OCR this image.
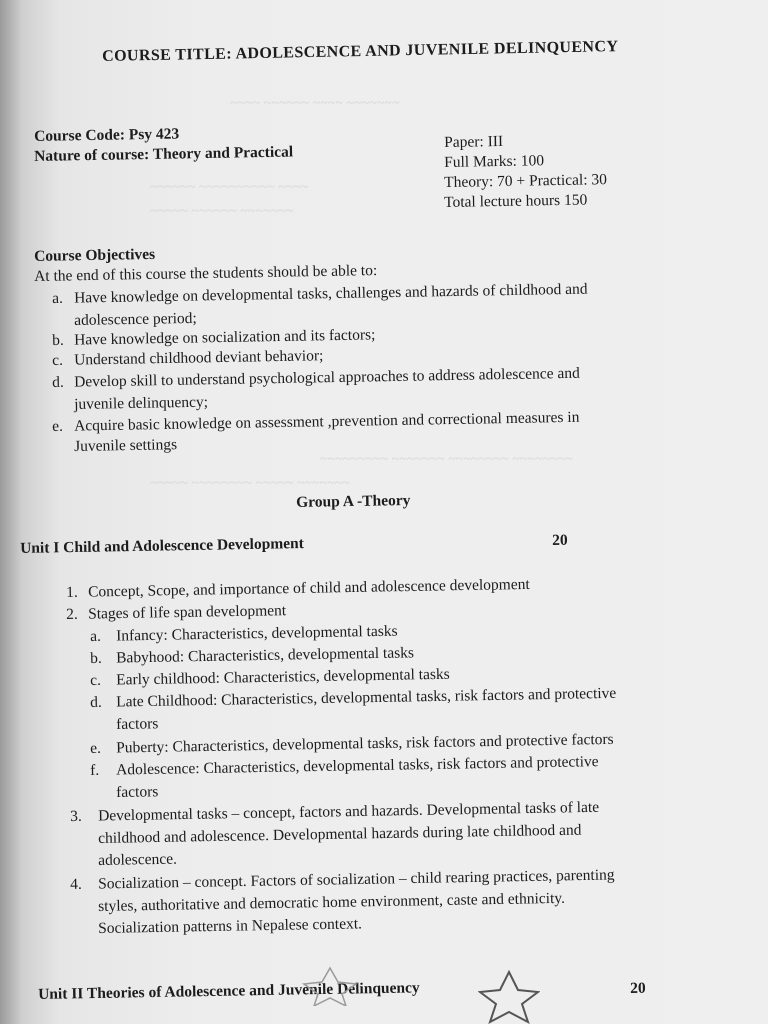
~~~~ ~~~~~~ ~~~~ ~~~~~~~
~~~~~~ ~~~~~~~~~~ ~~~~
~~~~~ ~~~~~~ ~~~~~~~
~~~~~~~~~ ~~~~~~~ ~~~~~~~~ ~~~~~~~~
~~~~~ ~~~~~~~~ ~~~~~ ~~~~~~~
COURSE TITLE: ADOLESCENCE AND JUVENILE DELINQUENCY
Course Code: Psy 423
Nature of course: Theory and Practical
Paper: III
Full Marks: 100
Theory: 70 + Practical: 30
Total lecture hours 150
Course Objectives
At the end of this course the students should be able to:
a. Have knowledge on developmental tasks, challenges and hazards of childhood and
adolescence period;
b. Have knowledge on socialization and its factors;
c. Understand childhood deviant behavior;
d. Develop skill to understand psychological approaches to address adolescence and
juvenile delinquency;
e. Acquire basic knowledge on assessment ,prevention and correctional measures in
Juvenile settings
Group A -Theory
Unit I Child and Adolescence Development	20
1. Concept, Scope, and importance of child and adolescence development
2. Stages of life span development
a. Infancy: Characteristics, developmental tasks
b. Babyhood: Characteristics, developmental tasks
c. Early childhood: Characteristics, developmental tasks
d. Late Childhood: Characteristics, developmental tasks, risk factors and protective
factors
e. Puberty: Characteristics, developmental tasks, risk factors and protective factors
f. Adolescence: Characteristics, developmental tasks, risk factors and protective
factors
3. Developmental tasks – concept, factors and hazards. Developmental tasks of late
childhood and adolescence. Developmental hazards during late childhood and
adolescence.
4. Socialization – concept. Factors of socialization – child rearing practices, parenting
styles, authoritative and democratic home environment, caste and ethnicity.
Socialization patterns in Nepalese context.
Unit II Theories of Adolescence and Juvenile Delinquency	20
